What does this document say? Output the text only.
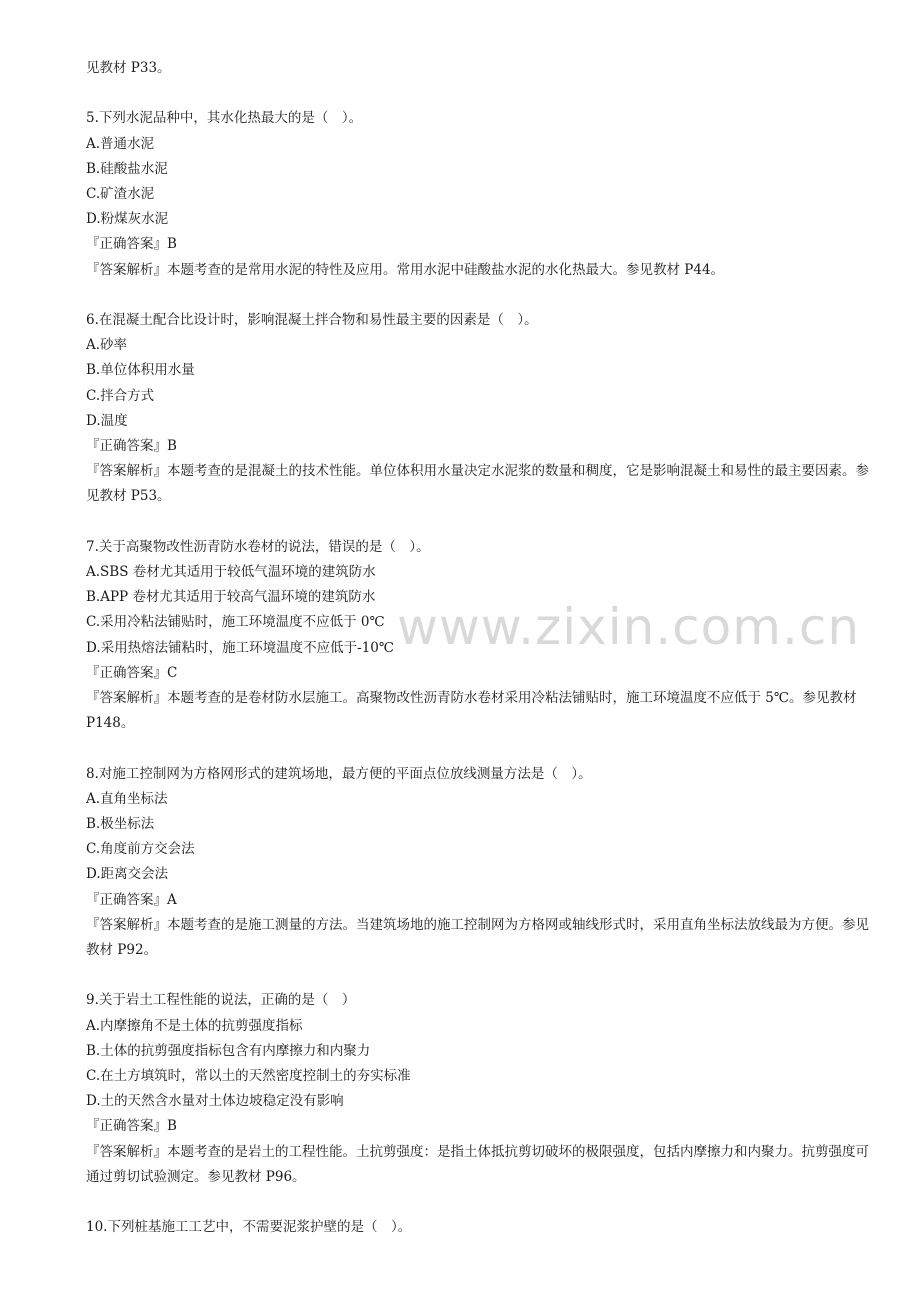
见教材 P33。
5.下列水泥品种中，其水化热最大的是（　）。
A.普通水泥
B.硅酸盐水泥
C.矿渣水泥
D.粉煤灰水泥
『正确答案』B
『答案解析』本题考查的是常用水泥的特性及应用。常用水泥中硅酸盐水泥的水化热最大。参见教材 P44。
6.在混凝土配合比设计时，影响混凝土拌合物和易性最主要的因素是（　）。
A.砂率
B.单位体积用水量
C.拌合方式
D.温度
『正确答案』B
『答案解析』本题考查的是混凝土的技术性能。单位体积用水量决定水泥浆的数量和稠度，它是影响混凝土和易性的最主要因素。参见教材 P53。
7.关于高聚物改性沥青防水卷材的说法，错误的是（　）。
A.SBS 卷材尤其适用于较低气温环境的建筑防水
B.APP 卷材尤其适用于较高气温环境的建筑防水
C.采用冷粘法铺贴时，施工环境温度不应低于 0℃
D.采用热熔法铺粘时，施工环境温度不应低于-10℃
『正确答案』C
『答案解析』本题考查的是卷材防水层施工。高聚物改性沥青防水卷材采用冷粘法铺贴时，施工环境温度不应低于 5℃。参见教材 P148。
8.对施工控制网为方格网形式的建筑场地，最方便的平面点位放线测量方法是（　）。
A.直角坐标法
B.极坐标法
C.角度前方交会法
D.距离交会法
『正确答案』A
『答案解析』本题考查的是施工测量的方法。当建筑场地的施工控制网为方格网或轴线形式时，采用直角坐标法放线最为方便。参见教材 P92。
9.关于岩土工程性能的说法，正确的是（　）
A.内摩擦角不是土体的抗剪强度指标
B.土体的抗剪强度指标包含有内摩擦力和内聚力
C.在土方填筑时，常以土的天然密度控制土的夯实标准
D.土的天然含水量对土体边坡稳定没有影响
『正确答案』B
『答案解析』本题考查的是岩土的工程性能。土抗剪强度：是指土体抵抗剪切破坏的极限强度，包括内摩擦力和内聚力。抗剪强度可通过剪切试验测定。参见教材 P96。
10.下列桩基施工工艺中，不需要泥浆护壁的是（　）。
www.zixin.com.cn
